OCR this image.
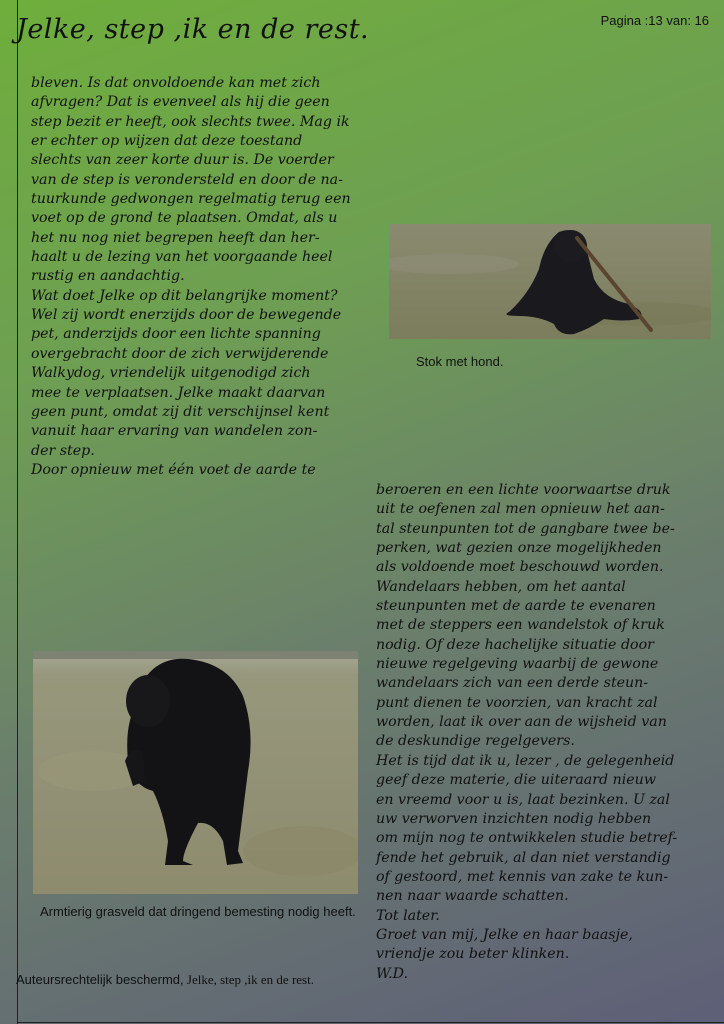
Jelke, step ,ik en de rest.	Pagina :13 van: 16

bleven. Is dat onvoldoende kan met zich
afvragen? Dat is evenveel als hij die geen
step bezit er heeft, ook slechts twee. Mag ik
er echter op wijzen dat deze toestand
slechts van zeer korte duur is. De voerder
van de step is verondersteld en door de na-
tuurkunde gedwongen regelmatig terug een
voet op de grond te plaatsen. Omdat, als u
het nu nog niet begrepen heeft dan her-
haalt u de lezing van het voorgaande heel
rustig en aandachtig.
Wat doet Jelke op dit belangrijke moment?
Wel zij wordt enerzijds door de bewegende
pet, anderzijds door een lichte spanning
overgebracht door de zich verwijderende
Walkydog, vriendelijk uitgenodigd zich
mee te verplaatsen. Jelke maakt daarvan
geen punt, omdat zij dit verschijnsel kent
vanuit haar ervaring van wandelen zon-
der step.
Door opnieuw met één voet de aarde te

Stok met hond.

beroeren en een lichte voorwaartse druk
uit te oefenen zal men opnieuw het aan-
tal steunpunten tot de gangbare twee be-
perken, wat gezien onze mogelijkheden
als voldoende moet beschouwd worden.
Wandelaars hebben, om het aantal
steunpunten met de aarde te evenaren
met de steppers een wandelstok of kruk
nodig. Of deze hachelijke situatie door
nieuwe regelgeving waarbij de gewone
wandelaars zich van een derde steun-
punt dienen te voorzien, van kracht zal
worden, laat ik over aan de wijsheid van
de deskundige regelgevers.
Het is tijd dat ik u, lezer , de gelegenheid
geef deze materie, die uiteraard nieuw
en vreemd voor u is, laat bezinken. U zal
uw verworven inzichten nodig hebben
om mijn nog te ontwikkelen studie betref-
fende het gebruik, al dan niet verstandig
of gestoord, met kennis van zake te kun-
nen naar waarde schatten.
Tot later.
Groet van mij, Jelke en haar baasje,
vriendje zou beter klinken.
W.D.

Armtierig grasveld dat dringend bemesting nodig heeft.

Auteursrechtelijk beschermd, Jelke, step ,ik en de rest.
